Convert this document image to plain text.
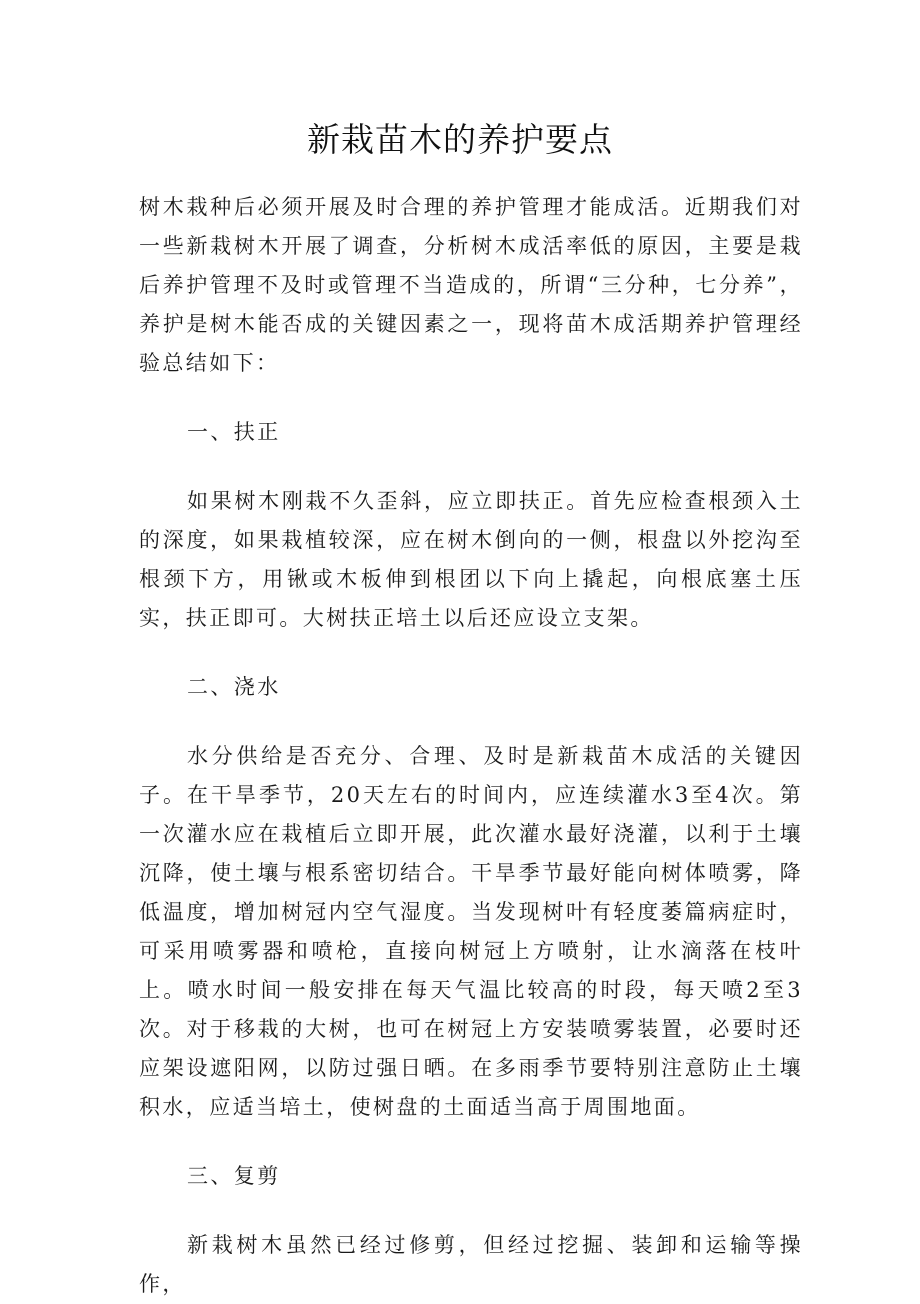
新栽苗木的养护要点

树木栽种后必须开展及时合理的养护管理才能成活。近期我们对一些新栽树木开展了调查，分析树木成活率低的原因，主要是栽后养护管理不及时或管理不当造成的，所谓“三分种，七分养”，养护是树木能否成的关键因素之一，现将苗木成活期养护管理经验总结如下：

一、扶正

如果树木刚栽不久歪斜，应立即扶正。首先应检查根颈入土的深度，如果栽植较深，应在树木倒向的一侧，根盘以外挖沟至根颈下方，用锹或木板伸到根团以下向上撬起，向根底塞土压实，扶正即可。大树扶正培土以后还应设立支架。

二、浇水

水分供给是否充分、合理、及时是新栽苗木成活的关键因子。在干旱季节，20天左右的时间内，应连续灌水3至4次。第一次灌水应在栽植后立即开展，此次灌水最好浇灌，以利于土壤沉降，使土壤与根系密切结合。干旱季节最好能向树体喷雾，降低温度，增加树冠内空气湿度。当发现树叶有轻度萎篇病症时，可采用喷雾器和喷枪，直接向树冠上方喷射，让水滴落在枝叶上。喷水时间一般安排在每天气温比较高的时段，每天喷2至3次。对于移栽的大树，也可在树冠上方安装喷雾装置，必要时还应架设遮阳网，以防过强日晒。在多雨季节要特别注意防止土壤积水，应适当培土，使树盘的土面适当高于周围地面。

三、复剪

新栽树木虽然已经过修剪，但经过挖掘、装卸和运输等操作，
